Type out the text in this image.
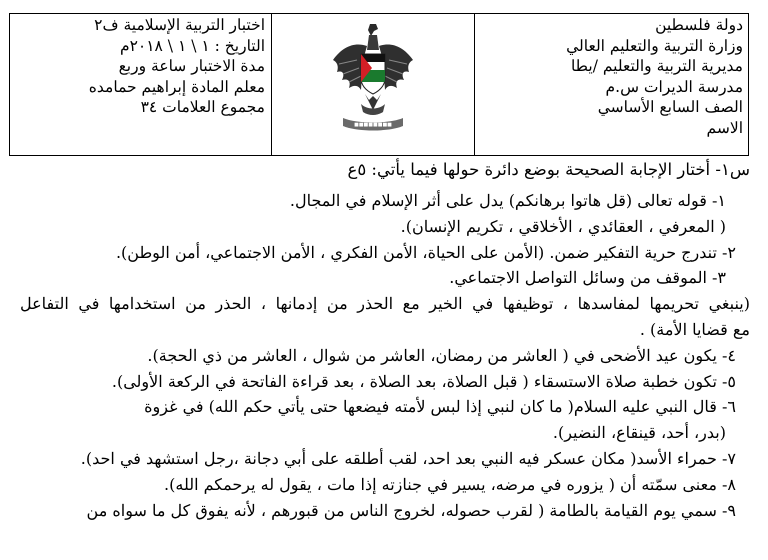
دولة فلسطين
وزارة التربية والتعليم العالي
مديرية التربية والتعليم /يطا
مدرسة الديرات س.م
الصف السابع الأساسي
الاسم
■■■■■■■■
اختبار التربية الإسلامية ف٢
التاريخ : ١ \ ١ \ ٢٠١٨م
مدة الاختبار ساعة وربع
معلم المادة إبراهيم حمامده
مجموع العلامات ٣٤
س١- أختار الإجابة الصحيحة بوضع دائرة حولها فيما يأتي: ٥ع
١- قوله تعالى (قل هاتوا برهانكم) يدل على أثر الإسلام في المجال.
( المعرفي ، العقائدي ، الأخلاقي ، تكريم الإنسان).
٢- تندرج حرية التفكير ضمن. (الأمن على الحياة، الأمن الفكري ، الأمن الاجتماعي، أمن الوطن).
٣- الموقف من وسائل التواصل الاجتماعي.
(ينبغي تحريمها لمفاسدها ، توظيفها في الخير مع الحذر من إدمانها ، الحذر من استخدامها في التفاعل
مع قضايا الأمة) .
٤- يكون عيد الأضحى في ( العاشر من رمضان، العاشر من شوال ، العاشر من ذي الحجة).
٥- تكون خطبة صلاة الاستسقاء ( قبل الصلاة، بعد الصلاة ، بعد قراءة الفاتحة في الركعة الأولى).
٦- قال النبي عليه السلام( ما كان لنبي إذا لبس لأمته فيضعها حتى يأتي حكم الله) في غزوة
(بدر، أحد، قينقاع، النضير).
٧- حمراء الأسد( مكان عسكر فيه النبي بعد احد، لقب أطلقه على أبي دجانة ،رجل استشهد في احد).
٨- معنى سمّته أن ( يزوره في مرضه، يسير في جنازته إذا مات ، يقول له يرحمكم الله).
٩- سمي يوم القيامة بالطامة ( لقرب حصوله، لخروج الناس من قبورهم ، لأنه يفوق كل ما سواه من
